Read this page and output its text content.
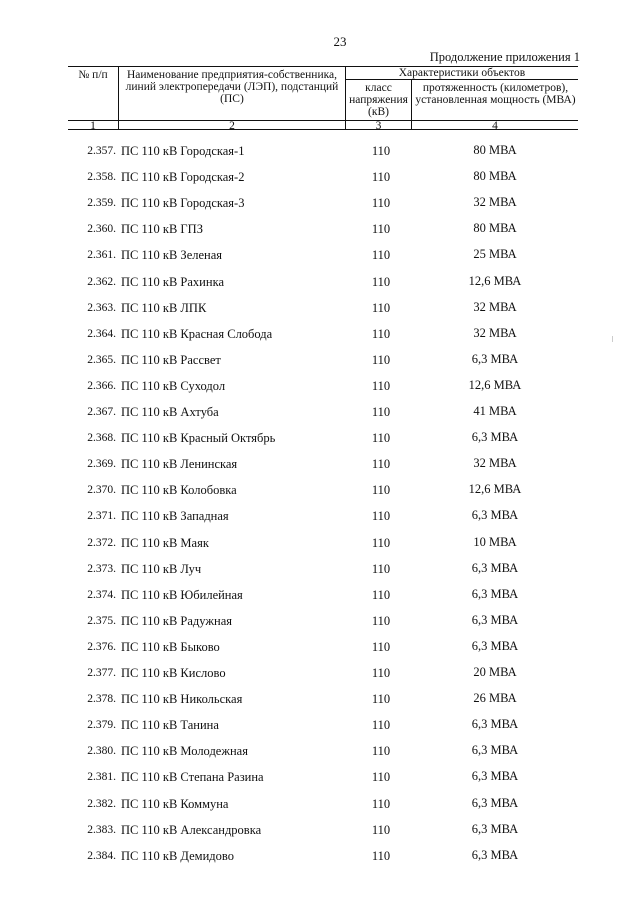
23
Продолжение приложения 1
№ п/п	Наименование предприятия-собственника, линий электропередачи (ЛЭП), подстанций (ПС)
Характеристики объектов
класс напряжения (кВ)
протяженность (километров), установленная мощность (МВА)
1	2	3	4
2.357. ПС 110 кВ Городская-1	110	80 МВА
2.358. ПС 110 кВ Городская-2	110	80 МВА
2.359. ПС 110 кВ Городская-3	110	32 МВА
2.360. ПС 110 кВ ГПЗ	110	80 МВА
2.361. ПС 110 кВ Зеленая	110	25 МВА
2.362. ПС 110 кВ Рахинка	110	12,6 МВА
2.363. ПС 110 кВ ЛПК	110	32 МВА
2.364. ПС 110 кВ Красная Слобода	110	32 МВА
2.365. ПС 110 кВ Рассвет	110	6,3 МВА
2.366. ПС 110 кВ Суходол	110	12,6 МВА
2.367. ПС 110 кВ Ахтуба	110	41 МВА
2.368. ПС 110 кВ Красный Октябрь	110	6,3 МВА
2.369. ПС 110 кВ Ленинская	110	32 МВА
2.370. ПС 110 кВ Колобовка	110	12,6 МВА
2.371. ПС 110 кВ Западная	110	6,3 МВА
2.372. ПС 110 кВ Маяк	110	10 МВА
2.373. ПС 110 кВ Луч	110	6,3 МВА
2.374. ПС 110 кВ Юбилейная	110	6,3 МВА
2.375. ПС 110 кВ Радужная	110	6,3 МВА
2.376. ПС 110 кВ Быково	110	6,3 МВА
2.377. ПС 110 кВ Кислово	110	20 МВА
2.378. ПС 110 кВ Никольская	110	26 МВА
2.379. ПС 110 кВ Танина	110	6,3 МВА
2.380. ПС 110 кВ Молодежная	110	6,3 МВА
2.381. ПС 110 кВ Степана Разина	110	6,3 МВА
2.382. ПС 110 кВ Коммуна	110	6,3 МВА
2.383. ПС 110 кВ Александровка	110	6,3 МВА
2.384. ПС 110 кВ Демидово	110	6,3 МВА
